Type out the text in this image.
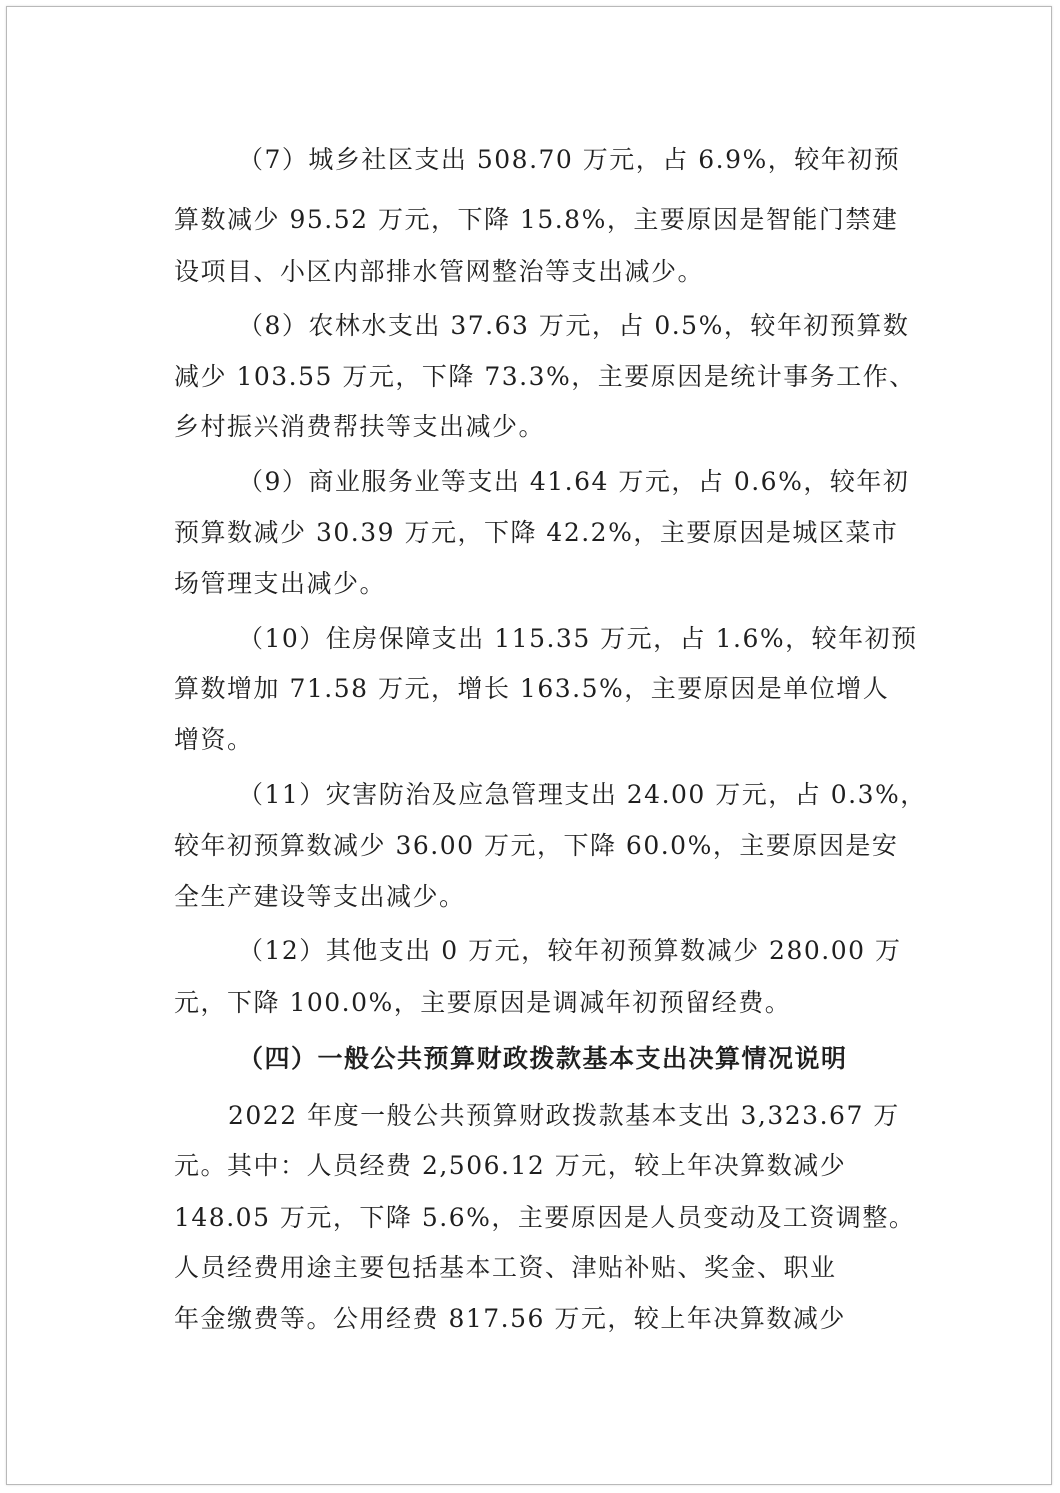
（7）城乡社区支出 508.70 万元，占 6.9%，较年初预
算数减少 95.52 万元，下降 15.8%，主要原因是智能门禁建
设项目、小区内部排水管网整治等支出减少。
（8）农林水支出 37.63 万元，占 0.5%，较年初预算数
减少 103.55 万元，下降 73.3%，主要原因是统计事务工作、
乡村振兴消费帮扶等支出减少。
（9）商业服务业等支出 41.64 万元，占 0.6%，较年初
预算数减少 30.39 万元，下降 42.2%，主要原因是城区菜市
场管理支出减少。
（10）住房保障支出 115.35 万元，占 1.6%，较年初预
算数增加 71.58 万元，增长 163.5%，主要原因是单位增人
增资。
（11）灾害防治及应急管理支出 24.00 万元，占 0.3%，
较年初预算数减少 36.00 万元，下降 60.0%，主要原因是安
全生产建设等支出减少。
（12）其他支出 0 万元，较年初预算数减少 280.00 万
元，下降 100.0%，主要原因是调减年初预留经费。
（四）一般公共预算财政拨款基本支出决算情况说明
2022 年度一般公共预算财政拨款基本支出 3,323.67 万
元。其中：人员经费 2,506.12 万元，较上年决算数减少
148.05 万元，下降 5.6%，主要原因是人员变动及工资调整。
人员经费用途主要包括基本工资、津贴补贴、奖金、职业
年金缴费等。公用经费 817.56 万元，较上年决算数减少
